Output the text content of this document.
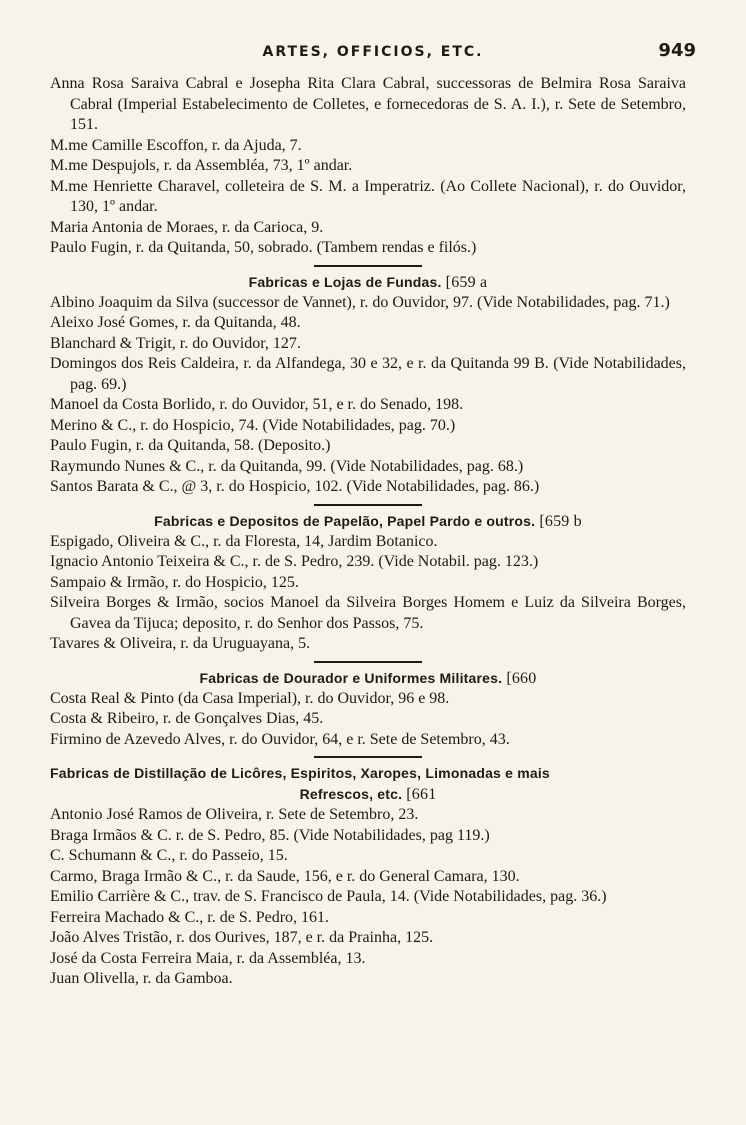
ARTES, OFFICIOS, ETC.	949

Anna Rosa Saraiva Cabral e Josepha Rita Clara Cabral, successoras de Belmira Rosa Saraiva Cabral (Imperial Estabelecimento de Colletes, e fornecedoras de S. A. I.), r. Sete de Setembro, 151.

M.me Camille Escoffon, r. da Ajuda, 7.

M.me Despujols, r. da Assembléa, 73, 1º andar.

M.me Henriette Charavel, colleteira de S. M. a Imperatriz. (Ao Collete Nacional), r. do Ouvidor, 130, 1º andar.

Maria Antonia de Moraes, r. da Carioca, 9.

Paulo Fugin, r. da Quitanda, 50, sobrado. (Tambem rendas e filós.)

Fabricas e Lojas de Fundas. [659 a

Albino Joaquim da Silva (successor de Vannet), r. do Ouvidor, 97. (Vide Notabilidades, pag. 71.)

Aleixo José Gomes, r. da Quitanda, 48.

Blanchard & Trigit, r. do Ouvidor, 127.

Domingos dos Reis Caldeira, r. da Alfandega, 30 e 32, e r. da Quitanda 99 B. (Vide Notabilidades, pag. 69.)

Manoel da Costa Borlido, r. do Ouvidor, 51, e r. do Senado, 198.

Merino & C., r. do Hospicio, 74. (Vide Notabilidades, pag. 70.)

Paulo Fugin, r. da Quitanda, 58. (Deposito.)

Raymundo Nunes & C., r. da Quitanda, 99. (Vide Notabilidades, pag. 68.)

Santos Barata & C., @ 3, r. do Hospicio, 102. (Vide Notabilidades, pag. 86.)

Fabricas e Depositos de Papelão, Papel Pardo e outros. [659 b

Espigado, Oliveira & C., r. da Floresta, 14, Jardim Botanico.

Ignacio Antonio Teixeira & C., r. de S. Pedro, 239. (Vide Notabil. pag. 123.)

Sampaio & Irmão, r. do Hospicio, 125.

Silveira Borges & Irmão, socios Manoel da Silveira Borges Homem e Luiz da Silveira Borges, Gavea da Tijuca; deposito, r. do Senhor dos Passos, 75.

Tavares & Oliveira, r. da Uruguayana, 5.

Fabricas de Dourador e Uniformes Militares. [660

Costa Real & Pinto (da Casa Imperial), r. do Ouvidor, 96 e 98.

Costa & Ribeiro, r. de Gonçalves Dias, 45.

Firmino de Azevedo Alves, r. do Ouvidor, 64, e r. Sete de Setembro, 43.

Fabricas de Distillação de Licôres, Espiritos, Xaropes, Limonadas e mais
Refrescos, etc. [661

Antonio José Ramos de Oliveira, r. Sete de Setembro, 23.

Braga Irmãos & C. r. de S. Pedro, 85. (Vide Notabilidades, pag 119.)

C. Schumann & C., r. do Passeio, 15.

Carmo, Braga Irmão & C., r. da Saude, 156, e r. do General Camara, 130.

Emilio Carrière & C., trav. de S. Francisco de Paula, 14. (Vide Notabilidades, pag. 36.)

Ferreira Machado & C., r. de S. Pedro, 161.

João Alves Tristão, r. dos Ourives, 187, e r. da Prainha, 125.

José da Costa Ferreira Maia, r. da Assembléa, 13.

Juan Olivella, r. da Gamboa.
